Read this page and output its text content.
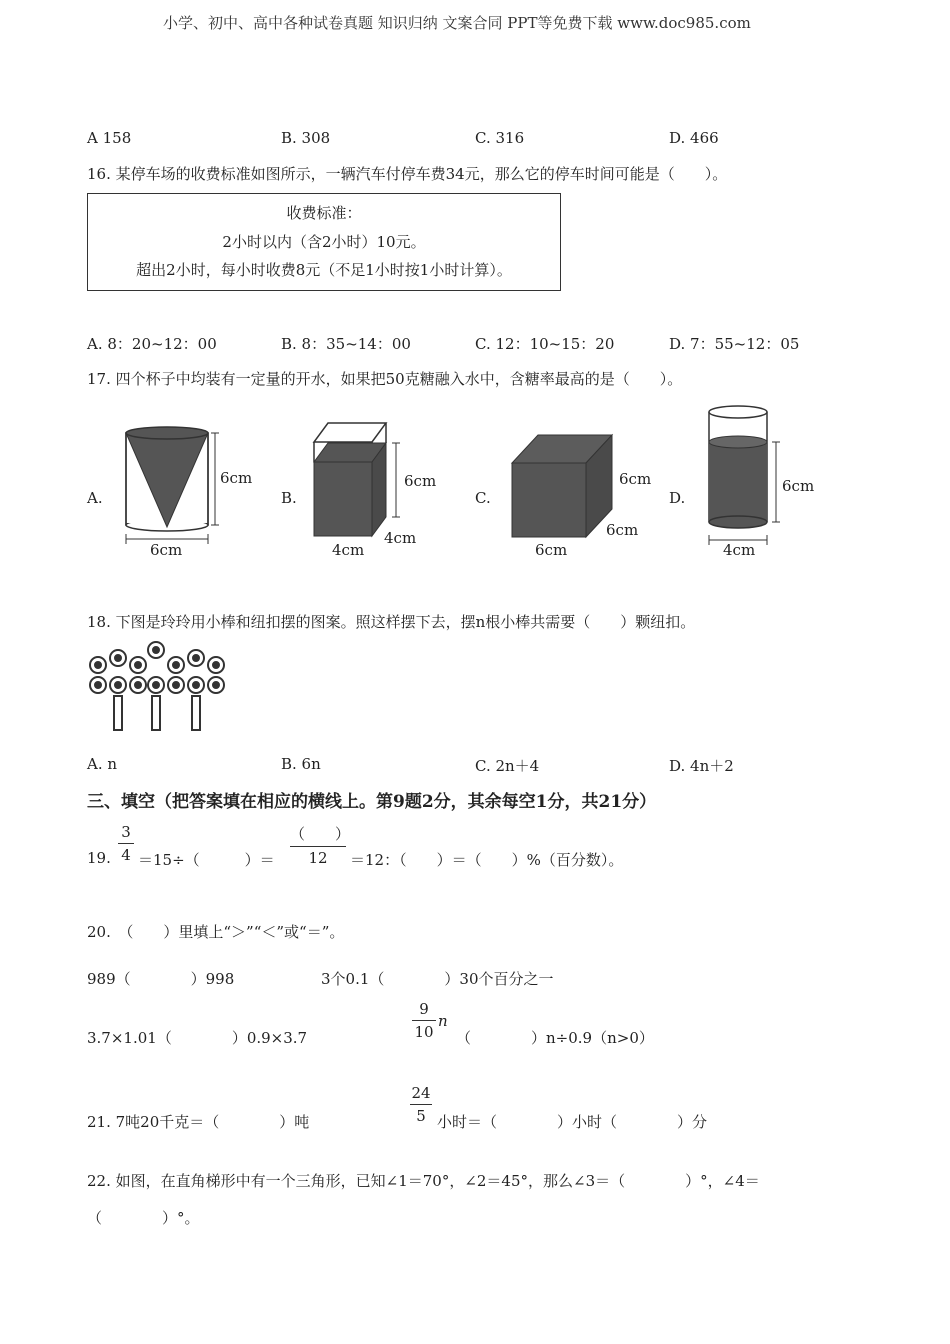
小学、初中、高中各种试卷真题 知识归纳 文案合同 PPT等免费下载 www.doc985.com
A 158	B. 308	C. 316	D. 466
16. 某停车场的收费标准如图所示，一辆汽车付停车费34元，那么它的停车时间可能是（　　）。
收费标准：
2小时以内（含2小时）10元。
超出2小时，每小时收费8元（不足1小时按1小时计算）。
A. 8：20~12：00	B. 8：35~14：00	C. 12：10~15：20	D. 7：55~12：05
17. 四个杯子中均装有一定量的开水，如果把50克糖融入水中，含糖率最高的是（　　）。
A.	B.	C.	D.
6cm
6cm
6cm
4cm
4cm
6cm
6cm
6cm
6cm
4cm
18. 下图是玲玲用小棒和纽扣摆的图案。照这样摆下去，摆n根小棒共需要（　　）颗纽扣。
A. n	B. 6n	C. 2n＋4	D. 4n＋2
三、填空（把答案填在相应的横线上。第9题2分，其余每空1分，共21分）
19.
3
4 ＝15÷（　　　）＝
（　　）
12	＝12：（　　）＝（　　）%（百分数）。
20.　（　　）里填上“＞”“＜”或“＝”。
989（　　　　）998	3个0.1（　　　　）30个百分之一
3.7×1.01（　　　　）0.9×3.7
9
10
n
（　　　　）n÷0.9（n>0）
21. 7吨20千克＝（　　　　）吨
24
5 小时＝（　　　　）小时（　　　　）分
22. 如图，在直角梯形中有一个三角形，已知∠1＝70°，∠2＝45°，那么∠3＝（　　　　）°，∠4＝
（　　　　）°。
